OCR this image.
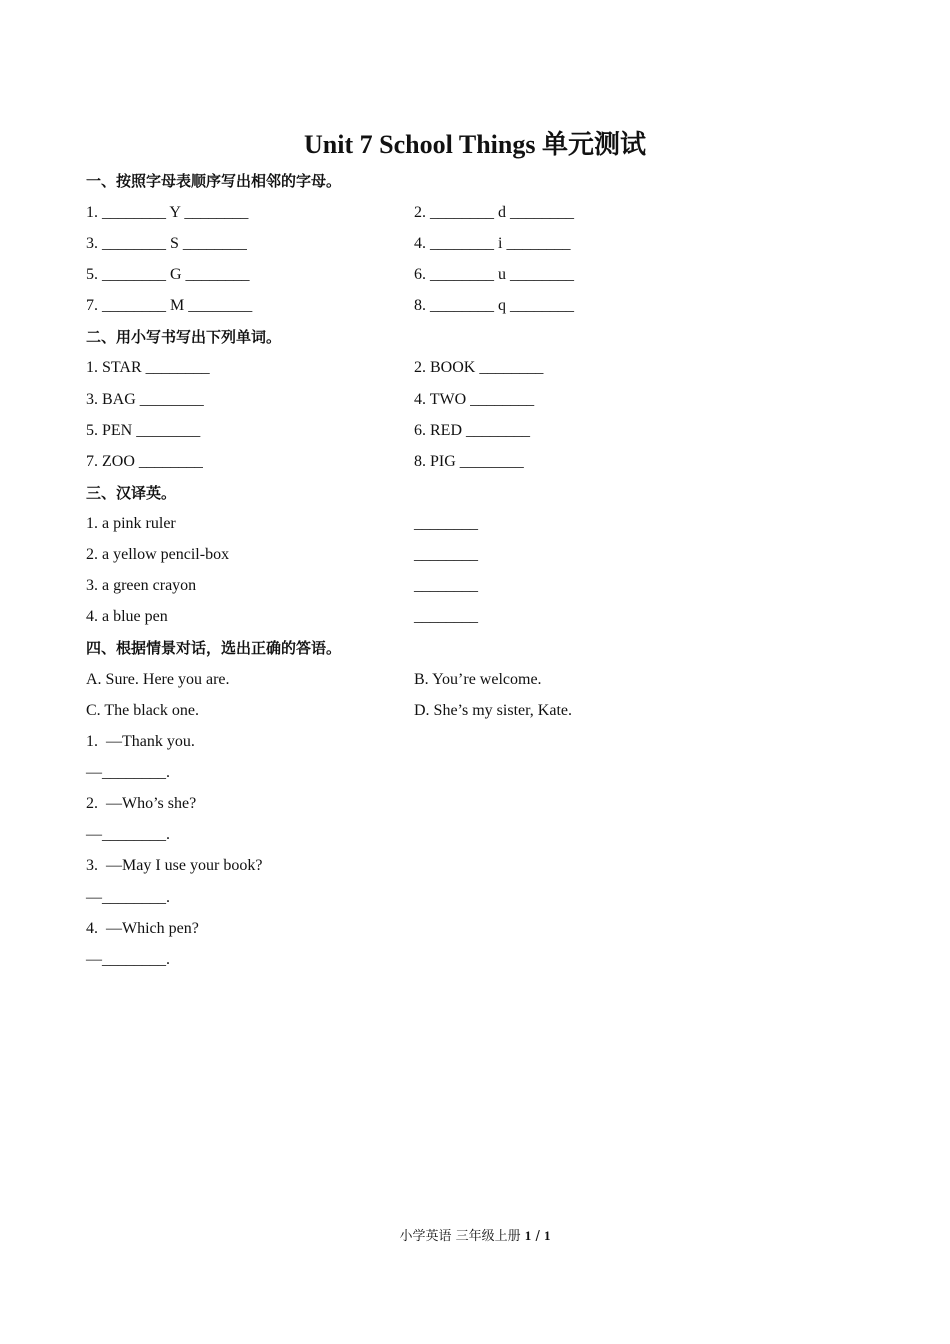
Unit 7 School Things 单元测试
一、按照字母表顺序写出相邻的字母。
1. ________ Y ________	2. ________ d ________
3. ________ S ________	4. ________ i ________
5. ________ G ________	6. ________ u ________
7. ________ M ________	8. ________ q ________
二、用小写书写出下列单词。
1. STAR ________	2. BOOK ________
3. BAG ________	4. TWO ________
5. PEN ________	6. RED ________
7. ZOO ________	8. PIG ________
三、汉译英。
1. a pink ruler	________
2. a yellow pencil-box	________
3. a green crayon	________
4. a blue pen	________
四、根据情景对话，选出正确的答语。
A. Sure. Here you are.	B. You’re welcome.
C. The black one.	D. She’s my sister, Kate.
1.  —Thank you.
—________.
2.  —Who’s she?
—________.
3.  —May I use your book?
—________.
4.  —Which pen?
—________.
小学英语 三年级上册 1 / 1
